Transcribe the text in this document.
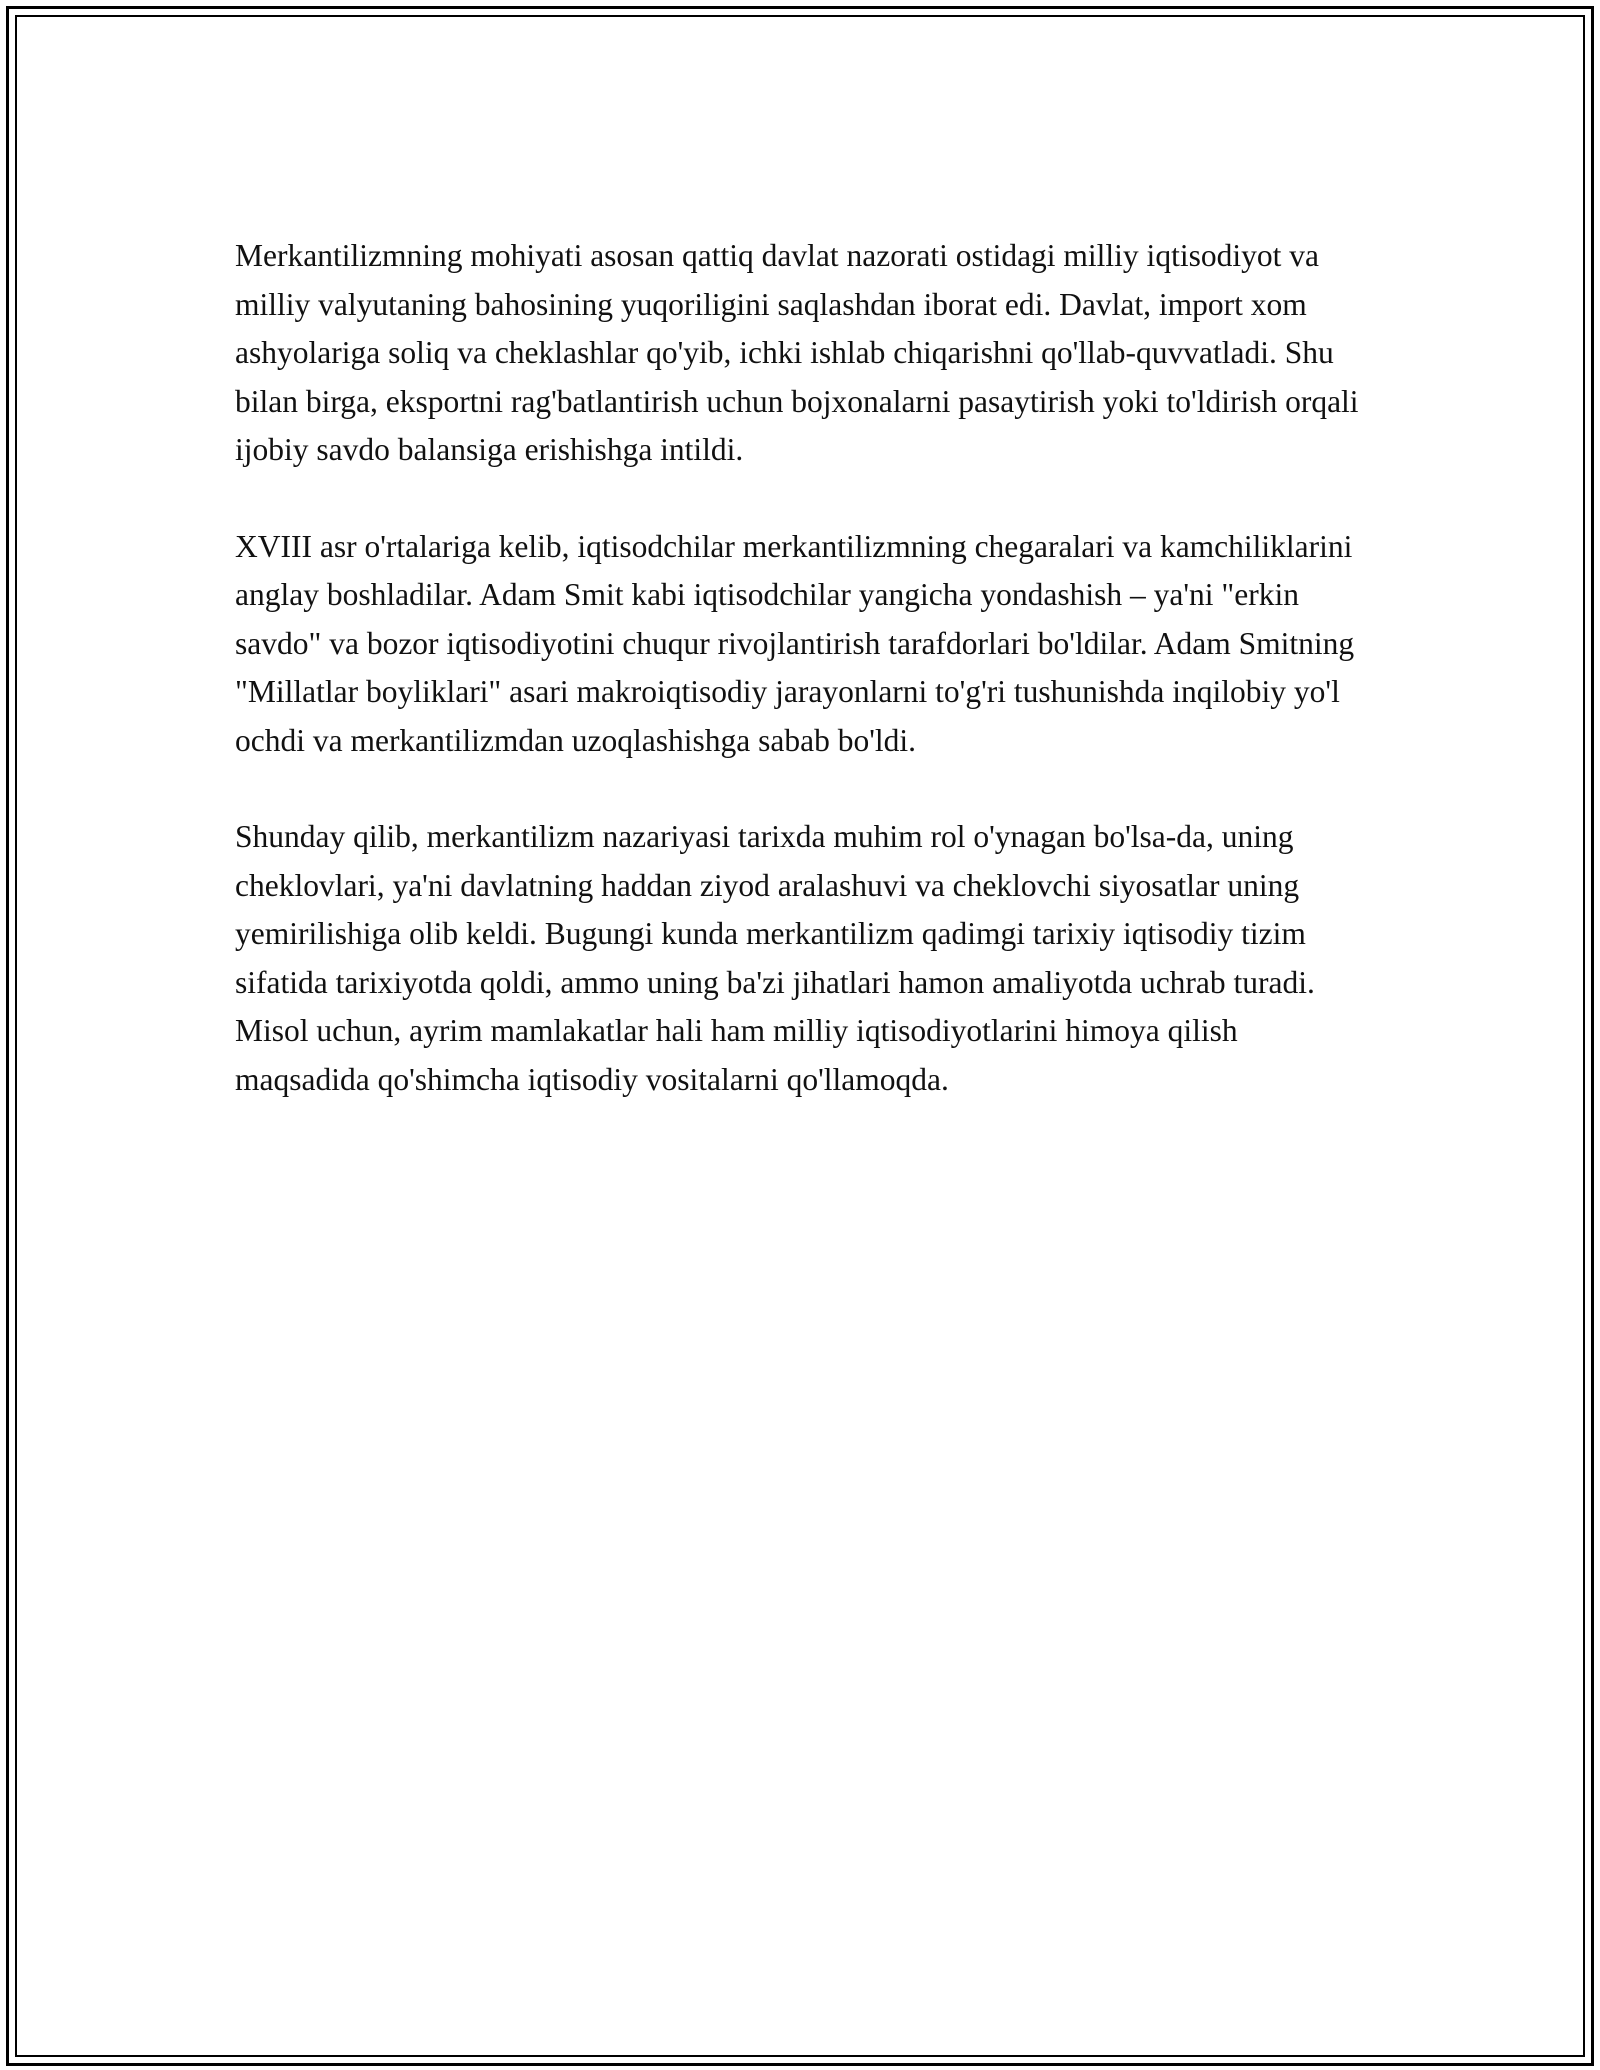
Merkantilizmning mohiyati asosan qattiq davlat nazorati ostidagi milliy iqtisodiyot va milliy valyutaning bahosining yuqoriligini saqlashdan iborat edi. Davlat, import xom ashyolariga soliq va cheklashlar qo'yib, ichki ishlab chiqarishni qo'llab-quvvatladi. Shu bilan birga, eksportni rag'batlantirish uchun bojxonalarni pasaytirish yoki to'ldirish orqali ijobiy savdo balansiga erishishga intildi.

XVIII asr o'rtalariga kelib, iqtisodchilar merkantilizmning chegaralari va kamchiliklarini anglay boshladilar. Adam Smit kabi iqtisodchilar yangicha yondashish – ya'ni "erkin savdo" va bozor iqtisodiyotini chuqur rivojlantirish tarafdorlari bo'ldilar. Adam Smitning "Millatlar boyliklari" asari makroiqtisodiy jarayonlarni to'g'ri tushunishda inqilobiy yo'l ochdi va merkantilizmdan uzoqlashishga sabab bo'ldi.

Shunday qilib, merkantilizm nazariyasi tarixda muhim rol o'ynagan bo'lsa-da, uning cheklovlari, ya'ni davlatning haddan ziyod aralashuvi va cheklovchi siyosatlar uning yemirilishiga olib keldi. Bugungi kunda merkantilizm qadimgi tarixiy iqtisodiy tizim sifatida tarixiyotda qoldi, ammo uning ba'zi jihatlari hamon amaliyotda uchrab turadi. Misol uchun, ayrim mamlakatlar hali ham milliy iqtisodiyotlarini himoya qilish maqsadida qo'shimcha iqtisodiy vositalarni qo'llamoqda.
